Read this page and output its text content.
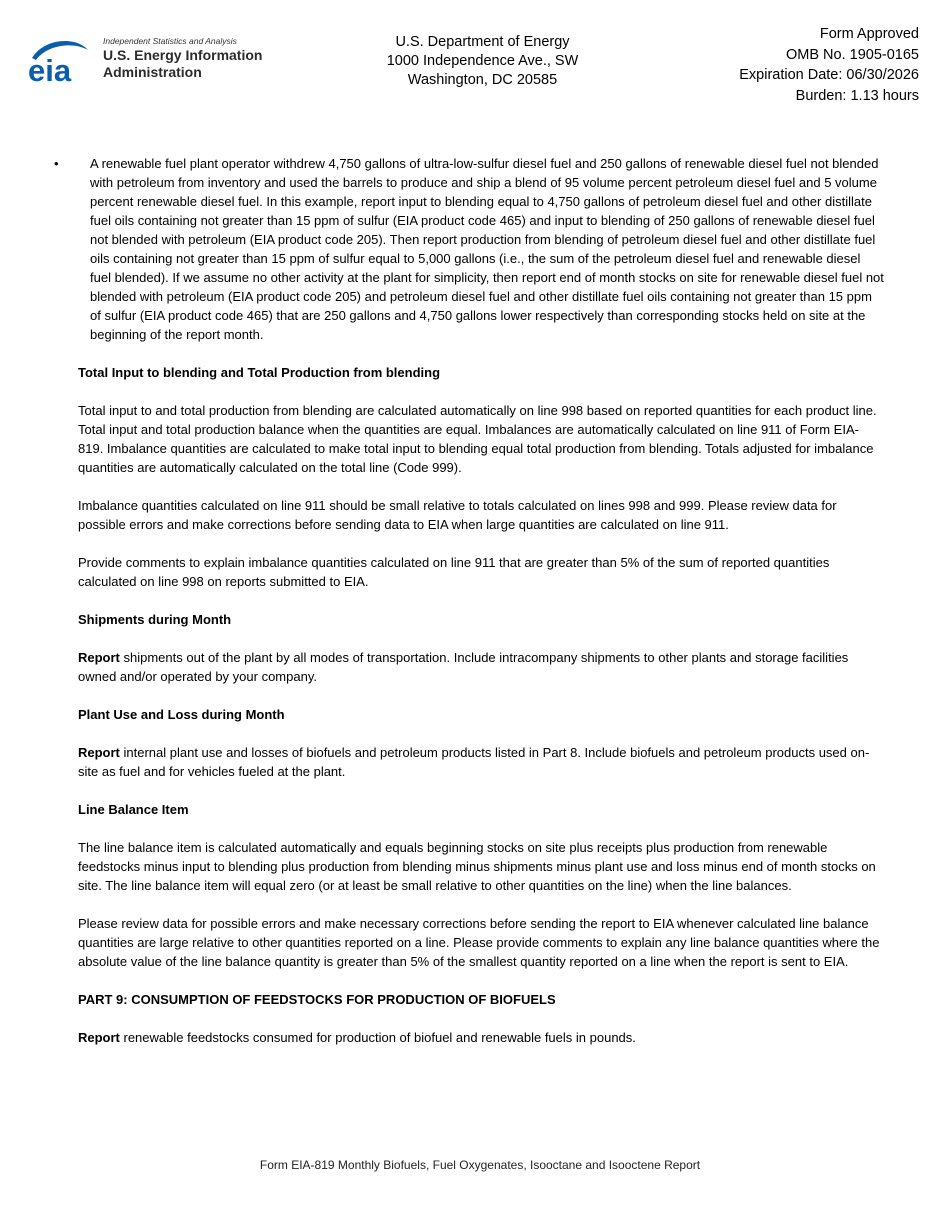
eia
Independent Statistics and Analysis
U.S. Energy Information
Administration
U.S. Department of Energy
1000 Independence Ave., SW
Washington, DC 20585
Form Approved
OMB No. 1905-0165
Expiration Date: 06/30/2026
Burden: 1.13 hours
• A renewable fuel plant operator withdrew 4,750 gallons of ultra-low-sulfur diesel fuel and 250 gallons of renewable diesel fuel not blended with petroleum from inventory and used the barrels to produce and ship a blend of 95 volume percent petroleum diesel fuel and 5 volume percent renewable diesel fuel. In this example, report input to blending equal to 4,750 gallons of petroleum diesel fuel and other distillate fuel oils containing not greater than 15 ppm of sulfur (EIA product code 465) and input to blending of 250 gallons of renewable diesel fuel not blended with petroleum (EIA product code 205). Then report production from blending of petroleum diesel fuel and other distillate fuel oils containing not greater than 15 ppm of sulfur equal to 5,000 gallons (i.e., the sum of the petroleum diesel fuel and renewable diesel fuel blended). If we assume no other activity at the plant for simplicity, then report end of month stocks on site for renewable diesel fuel not blended with petroleum (EIA product code 205) and petroleum diesel fuel and other distillate fuel oils containing not greater than 15 ppm of sulfur (EIA product code 465) that are 250 gallons and 4,750 gallons lower respectively than corresponding stocks held on site at the beginning of the report month.

Total Input to blending and Total Production from blending

Total input to and total production from blending are calculated automatically on line 998 based on reported quantities for each product line. Total input and total production balance when the quantities are equal. Imbalances are automatically calculated on line 911 of Form EIA-819. Imbalance quantities are calculated to make total input to blending equal total production from blending. Totals adjusted for imbalance quantities are automatically calculated on the total line (Code 999).

Imbalance quantities calculated on line 911 should be small relative to totals calculated on lines 998 and 999. Please review data for possible errors and make corrections before sending data to EIA when large quantities are calculated on line 911.

Provide comments to explain imbalance quantities calculated on line 911 that are greater than 5% of the sum of reported quantities calculated on line 998 on reports submitted to EIA.

Shipments during Month

Report shipments out of the plant by all modes of transportation. Include intracompany shipments to other plants and storage facilities owned and/or operated by your company.

Plant Use and Loss during Month

Report internal plant use and losses of biofuels and petroleum products listed in Part 8. Include biofuels and petroleum products used on-site as fuel and for vehicles fueled at the plant.

Line Balance Item

The line balance item is calculated automatically and equals beginning stocks on site plus receipts plus production from renewable feedstocks minus input to blending plus production from blending minus shipments minus plant use and loss minus end of month stocks on site. The line balance item will equal zero (or at least be small relative to other quantities on the line) when the line balances.

Please review data for possible errors and make necessary corrections before sending the report to EIA whenever calculated line balance quantities are large relative to other quantities reported on a line. Please provide comments to explain any line balance quantities where the absolute value of the line balance quantity is greater than 5% of the smallest quantity reported on a line when the report is sent to EIA.

PART 9: CONSUMPTION OF FEEDSTOCKS FOR PRODUCTION OF BIOFUELS

Report renewable feedstocks consumed for production of biofuel and renewable fuels in pounds.

Form EIA-819 Monthly Biofuels, Fuel Oxygenates, Isooctane and Isooctene Report
